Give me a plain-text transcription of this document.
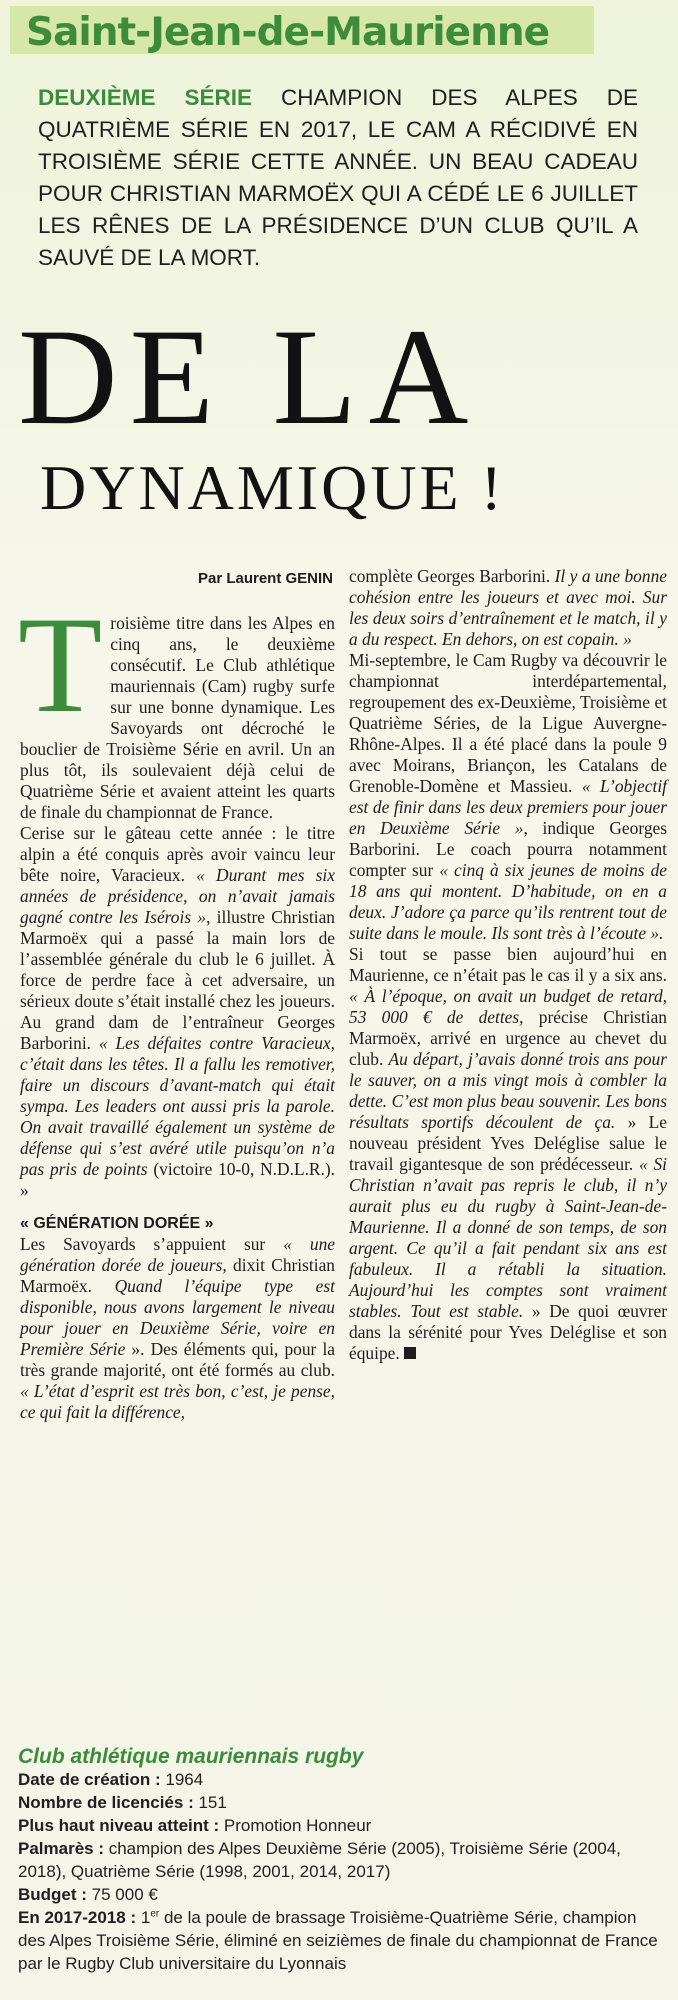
Saint-Jean-de-Maurienne

DEUXIÈME SÉRIE CHAMPION DES ALPES DE QUATRIÈME SÉRIE EN 2017, LE CAM A RÉCIDIVÉ EN TROISIÈME SÉRIE CETTE ANNÉE. UN BEAU CADEAU POUR CHRISTIAN MARMOËX QUI A CÉDÉ LE 6 JUILLET LES RÊNES DE LA PRÉSIDENCE D’UN CLUB QU’IL A SAUVÉ DE LA MORT.

DE LA
DYNAMIQUE !

Par Laurent GENIN

Troisième titre dans les Alpes en cinq ans, le deuxième consécutif. Le Club athlétique mauriennais (Cam) rugby surfe sur une bonne dynamique. Les Savoyards ont décroché le bouclier de Troisième Série en avril. Un an plus tôt, ils soulevaient déjà celui de Quatrième Série et avaient atteint les quarts de finale du championnat de France.

Cerise sur le gâteau cette année : le titre alpin a été conquis après avoir vaincu leur bête noire, Varacieux. « Durant mes six années de présidence, on n’avait jamais gagné contre les Isérois », illustre Christian Marmoëx qui a passé la main lors de l’assemblée générale du club le 6 juillet. À force de perdre face à cet adversaire, un sérieux doute s’était installé chez les joueurs. Au grand dam de l’entraîneur Georges Barborini. « Les défaites contre Varacieux, c’était dans les têtes. Il a fallu les remotiver, faire un discours d’avant-match qui était sympa. Les leaders ont aussi pris la parole. On avait travaillé également un système de défense qui s’est avéré utile puisqu’on n’a pas pris de points (victoire 10-0, N.D.L.R.). »

« GÉNÉRATION DORÉE »

Les Savoyards s’appuient sur « une génération dorée de joueurs, dixit Christian Marmoëx. Quand l’équipe type est disponible, nous avons largement le niveau pour jouer en Deuxième Série, voire en Première Série ». Des éléments qui, pour la très grande majorité, ont été formés au club. « L’état d’esprit est très bon, c’est, je pense, ce qui fait la différence,

complète Georges Barborini. Il y a une bonne cohésion entre les joueurs et avec moi. Sur les deux soirs d’entraînement et le match, il y a du respect. En dehors, on est copain. »

Mi-septembre, le Cam Rugby va découvrir le championnat interdépartemental, regroupement des ex-Deuxième, Troisième et Quatrième Séries, de la Ligue Auvergne-Rhône-Alpes. Il a été placé dans la poule 9 avec Moirans, Briançon, les Catalans de Grenoble-Domène et Massieu. « L’objectif est de finir dans les deux premiers pour jouer en Deuxième Série », indique Georges Barborini. Le coach pourra notamment compter sur « cinq à six jeunes de moins de 18 ans qui montent. D’habitude, on en a deux. J’adore ça parce qu’ils rentrent tout de suite dans le moule. Ils sont très à l’écoute ».

Si tout se passe bien aujourd’hui en Maurienne, ce n’était pas le cas il y a six ans. « À l’époque, on avait un budget de retard, 53 000 € de dettes, précise Christian Marmoëx, arrivé en urgence au chevet du club. Au départ, j’avais donné trois ans pour le sauver, on a mis vingt mois à combler la dette. C’est mon plus beau souvenir. Les bons résultats sportifs découlent de ça. » Le nouveau président Yves Deléglise salue le travail gigantesque de son prédécesseur. « Si Christian n’avait pas repris le club, il n’y aurait plus eu du rugby à Saint-Jean-de-Maurienne. Il a donné de son temps, de son argent. Ce qu’il a fait pendant six ans est fabuleux. Il a rétabli la situation. Aujourd’hui les comptes sont vraiment stables. Tout est stable. » De quoi œuvrer dans la sérénité pour Yves Deléglise et son équipe.

Club athlétique mauriennais rugby

Date de création : 1964

Nombre de licenciés : 151

Plus haut niveau atteint : Promotion Honneur

Palmarès : champion des Alpes Deuxième Série (2005), Troisième Série (2004, 2018), Quatrième Série (1998, 2001, 2014, 2017)

Budget : 75 000 €

En 2017-2018 : 1er de la poule de brassage Troisième-Quatrième Série, champion des Alpes Troisième Série, éliminé en seizièmes de finale du championnat de France par le Rugby Club universitaire du Lyonnais
